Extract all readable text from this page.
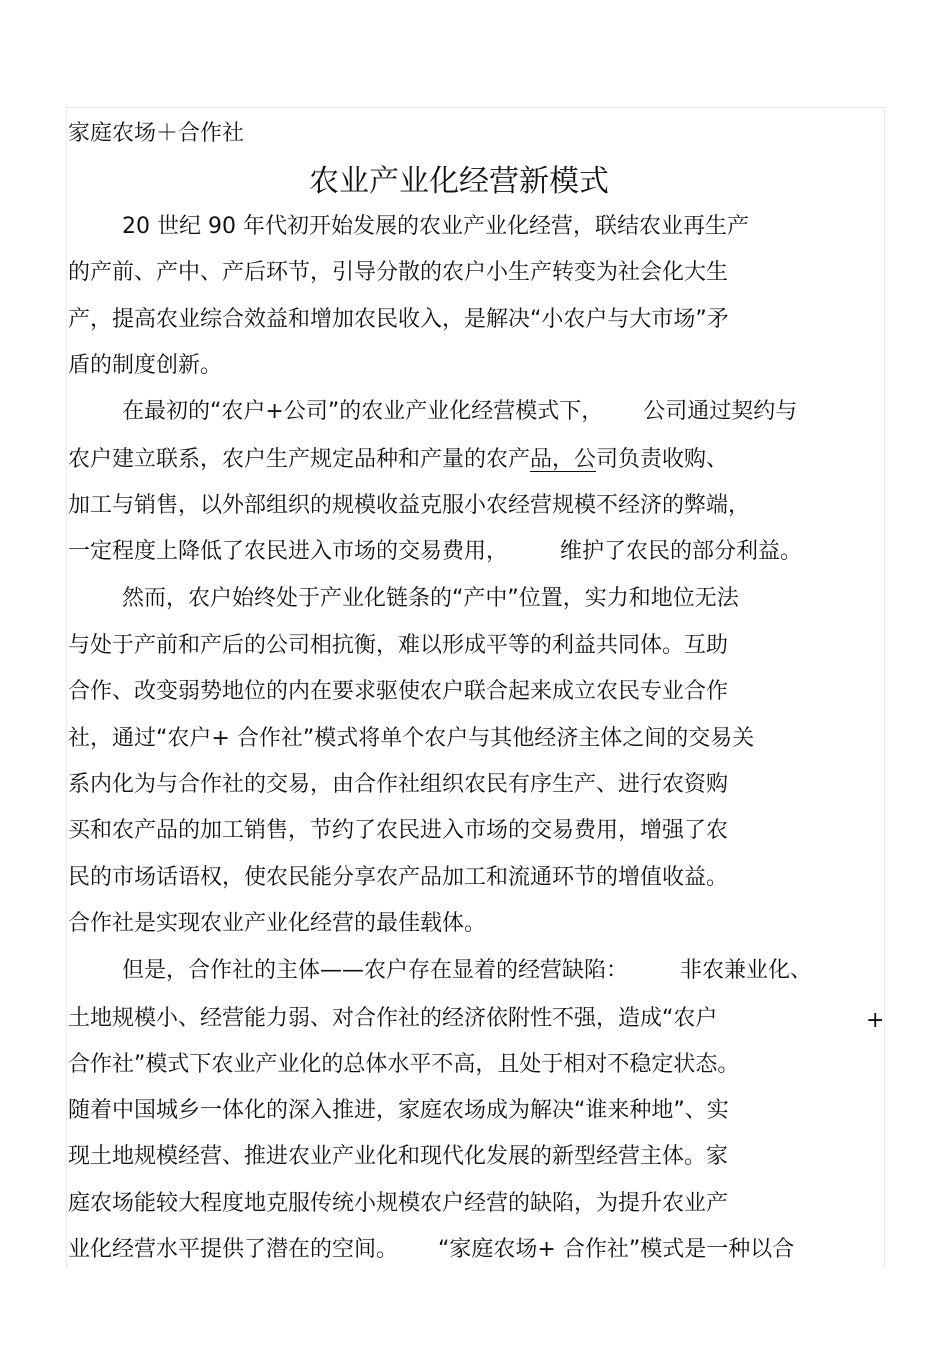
家庭农场＋合作社
农业产业化经营新模式
20 世纪 90 年代初开始发展的农业产业化经营，联结农业再生产
的产前、产中、产后环节，引导分散的农户小生产转变为社会化大生
产，提高农业综合效益和增加农民收入，是解决“小农户与大市场”矛
盾的制度创新。
在最初的“农户+公司”的农业产业化经营模式下， 公司通过契约与
农户建立联系，农户生产规定品种和产量的农产品，公司负责收购、
加工与销售，以外部组织的规模收益克服小农经营规模不经济的弊端，
一定程度上降低了农民进入市场的交易费用， 维护了农民的部分利益。
然而，农户始终处于产业化链条的“产中”位置，实力和地位无法
与处于产前和产后的公司相抗衡，难以形成平等的利益共同体。互助
合作、改变弱势地位的内在要求驱使农户联合起来成立农民专业合作
社，通过“农户+ 合作社”模式将单个农户与其他经济主体之间的交易关
系内化为与合作社的交易，由合作社组织农民有序生产、进行农资购
买和农产品的加工销售，节约了农民进入市场的交易费用，增强了农
民的市场话语权，使农民能分享农产品加工和流通环节的增值收益。
合作社是实现农业产业化经营的最佳载体。
但是，合作社的主体——农户存在显着的经营缺陷： 非农兼业化、
土地规模小、经营能力弱、对合作社的经济依附性不强，造成“农户	+
合作社”模式下农业产业化的总体水平不高，且处于相对不稳定状态。
随着中国城乡一体化的深入推进，家庭农场成为解决“谁来种地”、实
现土地规模经营、推进农业产业化和现代化发展的新型经营主体。家
庭农场能较大程度地克服传统小规模农户经营的缺陷，为提升农业产
业化经营水平提供了潜在的空间。 “家庭农场+ 合作社”模式是一种以合
